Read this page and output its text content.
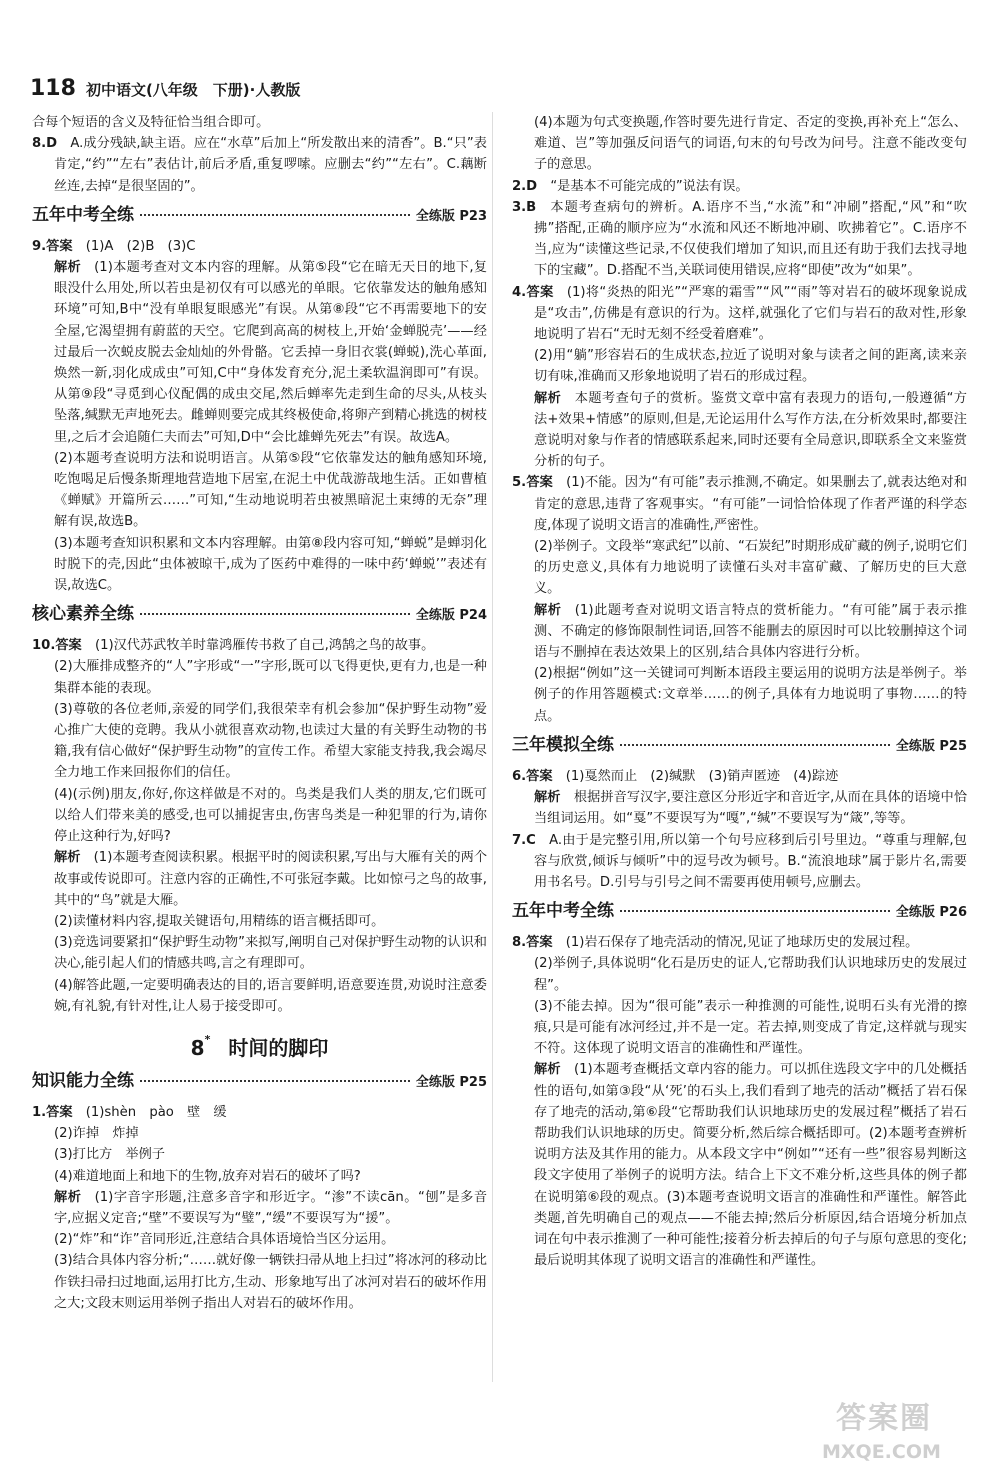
118 初中语文(八年级　下册)·人教版

合每个短语的含义及特征恰当组合即可。

8.D  A.成分残缺,缺主语。应在“水草”后加上“所发散出来的清香”。B.“只”表肯定,“约”“左右”表估计,前后矛盾,重复啰嗦。应删去“约”“左右”。C.藕断丝连,去掉“是很坚固的”。

五年中考全练	全练版 P23

9.答案  (1)A　(2)B　(3)C

解析  (1)本题考查对文本内容的理解。从第⑤段“它在暗无天日的地下,复眼没什么用处,所以若虫是初仅有可以感光的单眼。它依靠发达的触角感知环境”可知,B中“没有单眼复眼感光”有误。从第⑧段“它不再需要地下的安全屋,它渴望拥有蔚蓝的天空。它爬到高高的树枝上,开始‘金蝉脱壳’——经过最后一次蜕皮脱去金灿灿的外骨骼。它丢掉一身旧衣裳(蝉蜕),洗心革面,焕然一新,羽化成成虫”可知,C中“身体发育充分,泥土柔软温润即可”有误。从第⑨段“寻觅到心仪配偶的成虫交尾,然后蝉率先走到生命的尽头,从枝头坠落,缄默无声地死去。雌蝉则要完成其终极使命,将卵产到精心挑选的树枝里,之后才会追随仁夫而去”可知,D中“会比雄蝉先死去”有误。故选A。

(2)本题考查说明方法和说明语言。从第⑤段“它依靠发达的触角感知环境,吃饱喝足后慢条斯理地营造地下居室,在泥土中优哉游哉地生活。正如曹植《蝉赋》开篇所云……”可知,“生动地说明若虫被黑暗泥土束缚的无奈”理解有误,故选B。

(3)本题考查知识积累和文本内容理解。由第⑧段内容可知,“蝉蜕”是蝉羽化时脱下的壳,因此“虫体被晾干,成为了医药中难得的一味中药‘蝉蜕’”表述有误,故选C。

核心素养全练	全练版 P24

10.答案  (1)汉代苏武牧羊时靠鸿雁传书救了自己,鸿鹄之鸟的故事。

(2)大雁排成整齐的“人”字形或“一”字形,既可以飞得更快,更有力,也是一种集群本能的表现。

(3)尊敬的各位老师,亲爱的同学们,我很荣幸有机会参加“保护野生动物”爱心推广大使的竞聘。我从小就很喜欢动物,也读过大量的有关野生动物的书籍,我有信心做好“保护野生动物”的宣传工作。希望大家能支持我,我会竭尽全力地工作来回报你们的信任。

(4)(示例)朋友,你好,你这样做是不对的。鸟类是我们人类的朋友,它们既可以给人们带来美的感受,也可以捕捉害虫,伤害鸟类是一种犯罪的行为,请你停止这种行为,好吗?

解析  (1)本题考查阅读积累。根据平时的阅读积累,写出与大雁有关的两个故事或传说即可。注意内容的正确性,不可张冠李戴。比如惊弓之鸟的故事,其中的“鸟”就是大雁。

(2)读懂材料内容,提取关键语句,用精练的语言概括即可。

(3)竞选词要紧扣“保护野生动物”来拟写,阐明自己对保护野生动物的认识和决心,能引起人们的情感共鸣,言之有理即可。

(4)解答此题,一定要明确表达的目的,语言要鲜明,语意要连贯,劝说时注意委婉,有礼貌,有针对性,让人易于接受即可。

8* 时间的脚印
知识能力全练	全练版 P25

1.答案  (1)shèn　pào　壁　缓

(2)诈掉　炸掉

(3)打比方　举例子

(4)难道地面上和地下的生物,放弃对岩石的破坏了吗?

解析  (1)字音字形题,注意多音字和形近字。“渗”不读cān。“刨”是多音字,应据义定音;“壁”不要误写为“璧”,“缓”不要误写为“援”。

(2)“炸”和“诈”音同形近,注意结合具体语境恰当区分运用。

(3)结合具体内容分析;“……就好像一辆铁扫帚从地上扫过”将冰河的移动比作铁扫帚扫过地面,运用打比方,生动、形象地写出了冰河对岩石的破坏作用之大;文段末则运用举例子指出人对岩石的破坏作用。

(4)本题为句式变换题,作答时要先进行肯定、否定的变换,再补充上“怎么、难道、岂”等加强反问语气的词语,句末的句号改为问号。注意不能改变句子的意思。

2.D  “是基本不可能完成的”说法有误。

3.B  本题考查病句的辨析。A.语序不当,“水流”和“冲刷”搭配,“风”和“吹拂”搭配,正确的顺序应为“水流和风还不断地冲刷、吹拂着它”。C.语序不当,应为“读懂这些记录,不仅使我们增加了知识,而且还有助于我们去找寻地下的宝藏”。D.搭配不当,关联词使用错误,应将“即使”改为“如果”。

4.答案  (1)将“炎热的阳光”“严寒的霜雪”“风”“雨”等对岩石的破坏现象说成是“攻击”,仿佛是有意识的行为。这样,就强化了它们与岩石的敌对性,形象地说明了岩石“无时无刻不经受着磨难”。

(2)用“躺”形容岩石的生成状态,拉近了说明对象与读者之间的距离,读来亲切有味,准确而又形象地说明了岩石的形成过程。

解析  本题考查句子的赏析。鉴赏文章中富有表现力的语句,一般遵循“方法+效果+情感”的原则,但是,无论运用什么写作方法,在分析效果时,都要注意说明对象与作者的情感联系起来,同时还要有全局意识,即联系全文来鉴赏分析的句子。

5.答案  (1)不能。因为“有可能”表示推测,不确定。如果删去了,就表达绝对和肯定的意思,违背了客观事实。“有可能”一词恰恰体现了作者严谨的科学态度,体现了说明文语言的准确性,严密性。

(2)举例子。文段举“寒武纪”以前、“石炭纪”时期形成矿藏的例子,说明它们的历史意义,具体有力地说明了读懂石头对丰富矿藏、了解历史的巨大意义。

解析  (1)此题考查对说明文语言特点的赏析能力。“有可能”属于表示推测、不确定的修饰限制性词语,回答不能删去的原因时可以比较删掉这个词语与不删掉在表达效果上的区别,结合具体内容进行分析。

(2)根据“例如”这一关键词可判断本语段主要运用的说明方法是举例子。举例子的作用答题模式:文章举……的例子,具体有力地说明了事物……的特点。

三年模拟全练	全练版 P25

6.答案  (1)戛然而止　(2)缄默　(3)销声匿迹　(4)踪迹

解析  根据拼音写汉字,要注意区分形近字和音近字,从而在具体的语境中恰当组词运用。如“戛”不要误写为“嘎”,“缄”不要误写为“箴”,等等。

7.C  A.由于是完整引用,所以第一个句号应移到后引号里边。“尊重与理解,包容与欣赏,倾诉与倾听”中的逗号改为顿号。B.“流浪地球”属于影片名,需要用书名号。D.引号与引号之间不需要再使用顿号,应删去。

五年中考全练	全练版 P26

8.答案  (1)岩石保存了地壳活动的情况,见证了地球历史的发展过程。

(2)举例子,具体说明“化石是历史的证人,它帮助我们认识地球历史的发展过程”。

(3)不能去掉。因为“很可能”表示一种推测的可能性,说明石头有光滑的擦痕,只是可能有冰河经过,并不是一定。若去掉,则变成了肯定,这样就与现实不符。这体现了说明文语言的准确性和严谨性。

解析  (1)本题考查概括文章内容的能力。可以抓住选段文字中的几处概括性的语句,如第③段“从‘死’的石头上,我们看到了地壳的活动”概括了岩石保存了地壳的活动,第⑥段“它帮助我们认识地球历史的发展过程”概括了岩石帮助我们认识地球的历史。简要分析,然后综合概括即可。(2)本题考查辨析说明方法及其作用的能力。从本段文字中“例如”“还有一些”很容易判断这段文字使用了举例子的说明方法。结合上下文不难分析,这些具体的例子都在说明第⑥段的观点。(3)本题考查说明文语言的准确性和严谨性。解答此类题,首先明确自己的观点——不能去掉;然后分析原因,结合语境分析加点词在句中表示推测了一种可能性;接着分析去掉后的句子与原句意思的变化;最后说明其体现了说明文语言的准确性和严谨性。

答案圈
MXQE.COM
